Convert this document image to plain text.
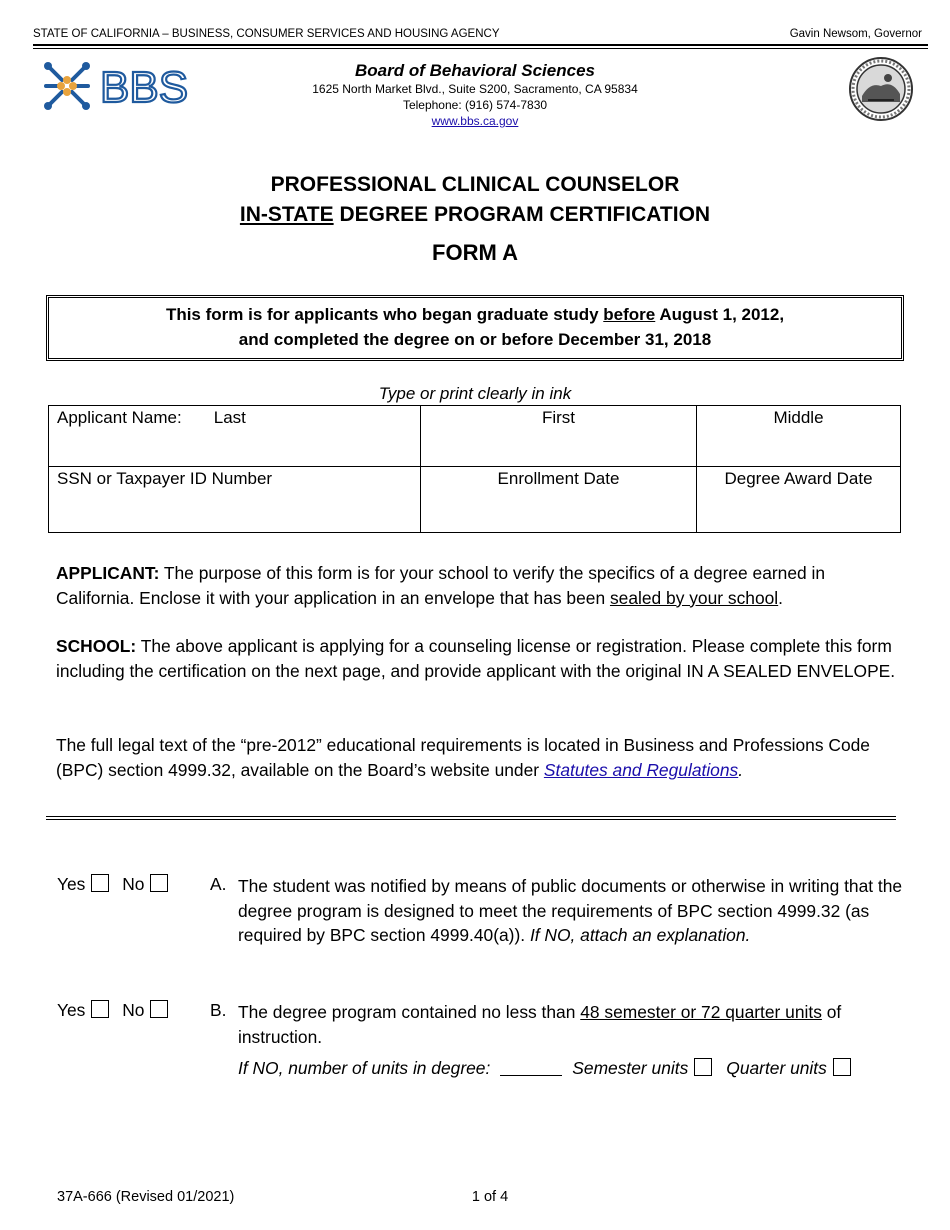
STATE OF CALIFORNIA – BUSINESS, CONSUMER SERVICES AND HOUSING AGENCY	Gavin Newsom, Governor
BBS	Board of Behavioral Sciences
1625 North Market Blvd., Suite S200, Sacramento, CA 95834
Telephone: (916) 574-7830
www.bbs.ca.gov
PROFESSIONAL CLINICAL COUNSELOR
IN-STATE DEGREE PROGRAM CERTIFICATION
FORM A
This form is for applicants who began graduate study before August 1, 2012,
and completed the degree on or before December 31, 2018
Type or print clearly in ink
Applicant Name: Last	First	Middle
SSN or Taxpayer ID Number	Enrollment Date	Degree Award Date
APPLICANT: The purpose of this form is for your school to verify the specifics of a degree earned in California. Enclose it with your application in an envelope that has been sealed by your school.
SCHOOL: The above applicant is applying for a counseling license or registration. Please complete this form including the certification on the next page, and provide applicant with the original IN A SEALED ENVELOPE.
The full legal text of the “pre-2012” educational requirements is located in Business and Professions Code (BPC) section 4999.32, available on the Board’s website under Statutes and Regulations.
Yes No	A. The student was notified by means of public documents or otherwise in writing that the degree program is designed to meet the requirements of BPC section 4999.32 (as required by BPC section 4999.40(a)). If NO, attach an explanation.
Yes No	B. The degree program contained no less than 48 semester or 72 quarter units of instruction.
If NO, number of units in degree:	Semester units Quarter units
37A-666 (Revised 01/2021)	1 of 4
